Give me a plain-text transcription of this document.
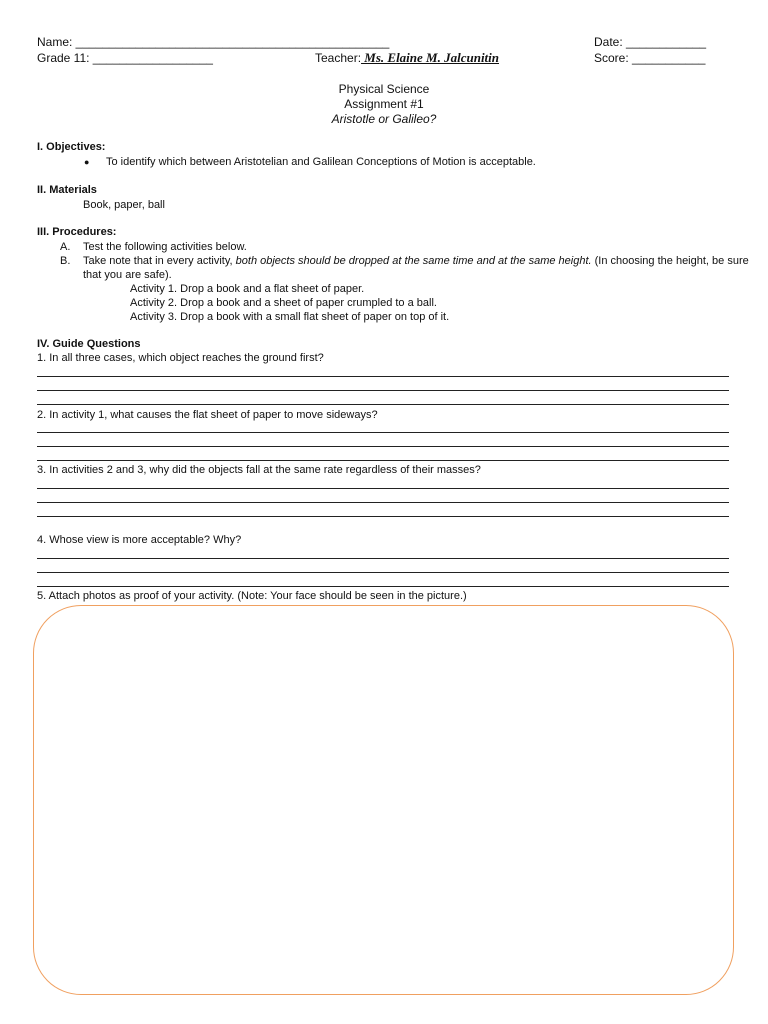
Name: _______________________________________________	Date: ____________
Grade 11: __________________	Teacher: Ms. Elaine M. Jalcunitin	Score: ___________
Physical Science
Assignment #1
Aristotle or Galileo?
I. Objectives:
● To identify which between Aristotelian and Galilean Conceptions of Motion is acceptable.
II. Materials
Book, paper, ball
III. Procedures:
A. Test the following activities below.
B. Take note that in every activity, both objects should be dropped at the same time and at the same height. (In choosing the height, be sure
that you are safe).
Activity 1. Drop a book and a flat sheet of paper.
Activity 2. Drop a book and a sheet of paper crumpled to a ball.
Activity 3. Drop a book with a small flat sheet of paper on top of it.
IV. Guide Questions
1. In all three cases, which object reaches the ground first?
2. In activity 1, what causes the flat sheet of paper to move sideways?
3. In activities 2 and 3, why did the objects fall at the same rate regardless of their masses?
4. Whose view is more acceptable? Why?
5. Attach photos as proof of your activity. (Note: Your face should be seen in the picture.)
